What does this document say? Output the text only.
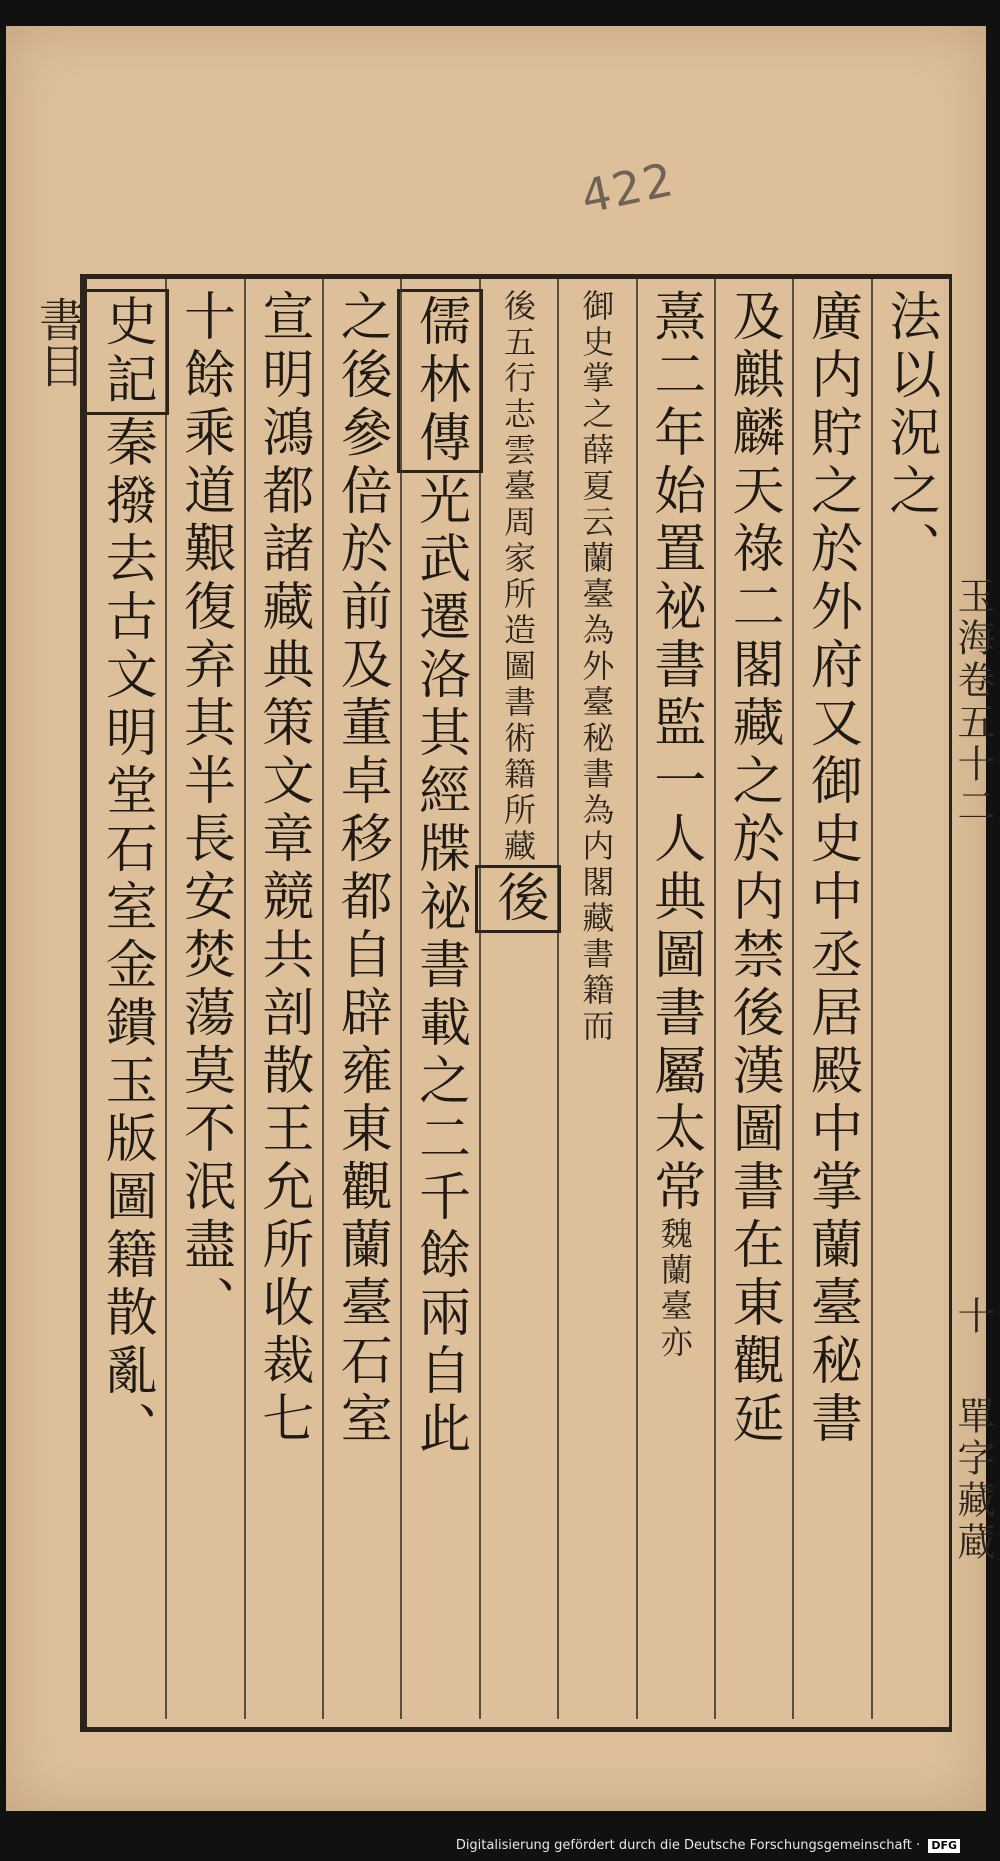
422
書目	法以況之、
廣内貯之於外府又御史中丞居殿中掌蘭臺秘書
及麒麟天祿二閣藏之於内禁後漢圖書在東觀延
熹二年始置祕書監一人典圖書屬太常
魏蘭臺亦
御史掌之
薛夏云蘭臺為外臺秘書為内閣
藏書籍而
後五行志雲臺周家所造圖書術籍所藏
後
儒林傳
光武遷洛其經牒祕書載之二千餘兩自此
之後參倍於前及董卓移都自辟雍東觀蘭臺石室
宣明鴻都諸藏典策文章競共剖散王允所收裁七
十餘乘道艱復弃其半長安焚蕩莫不泯盡、
史記
秦撥去古文明堂石室金鐀玉版圖籍散亂、	玉海卷五十二
十
單字藏蔵
Digitalisierung gefördert durch die Deutsche Forschungsgemeinschaft · DFG
